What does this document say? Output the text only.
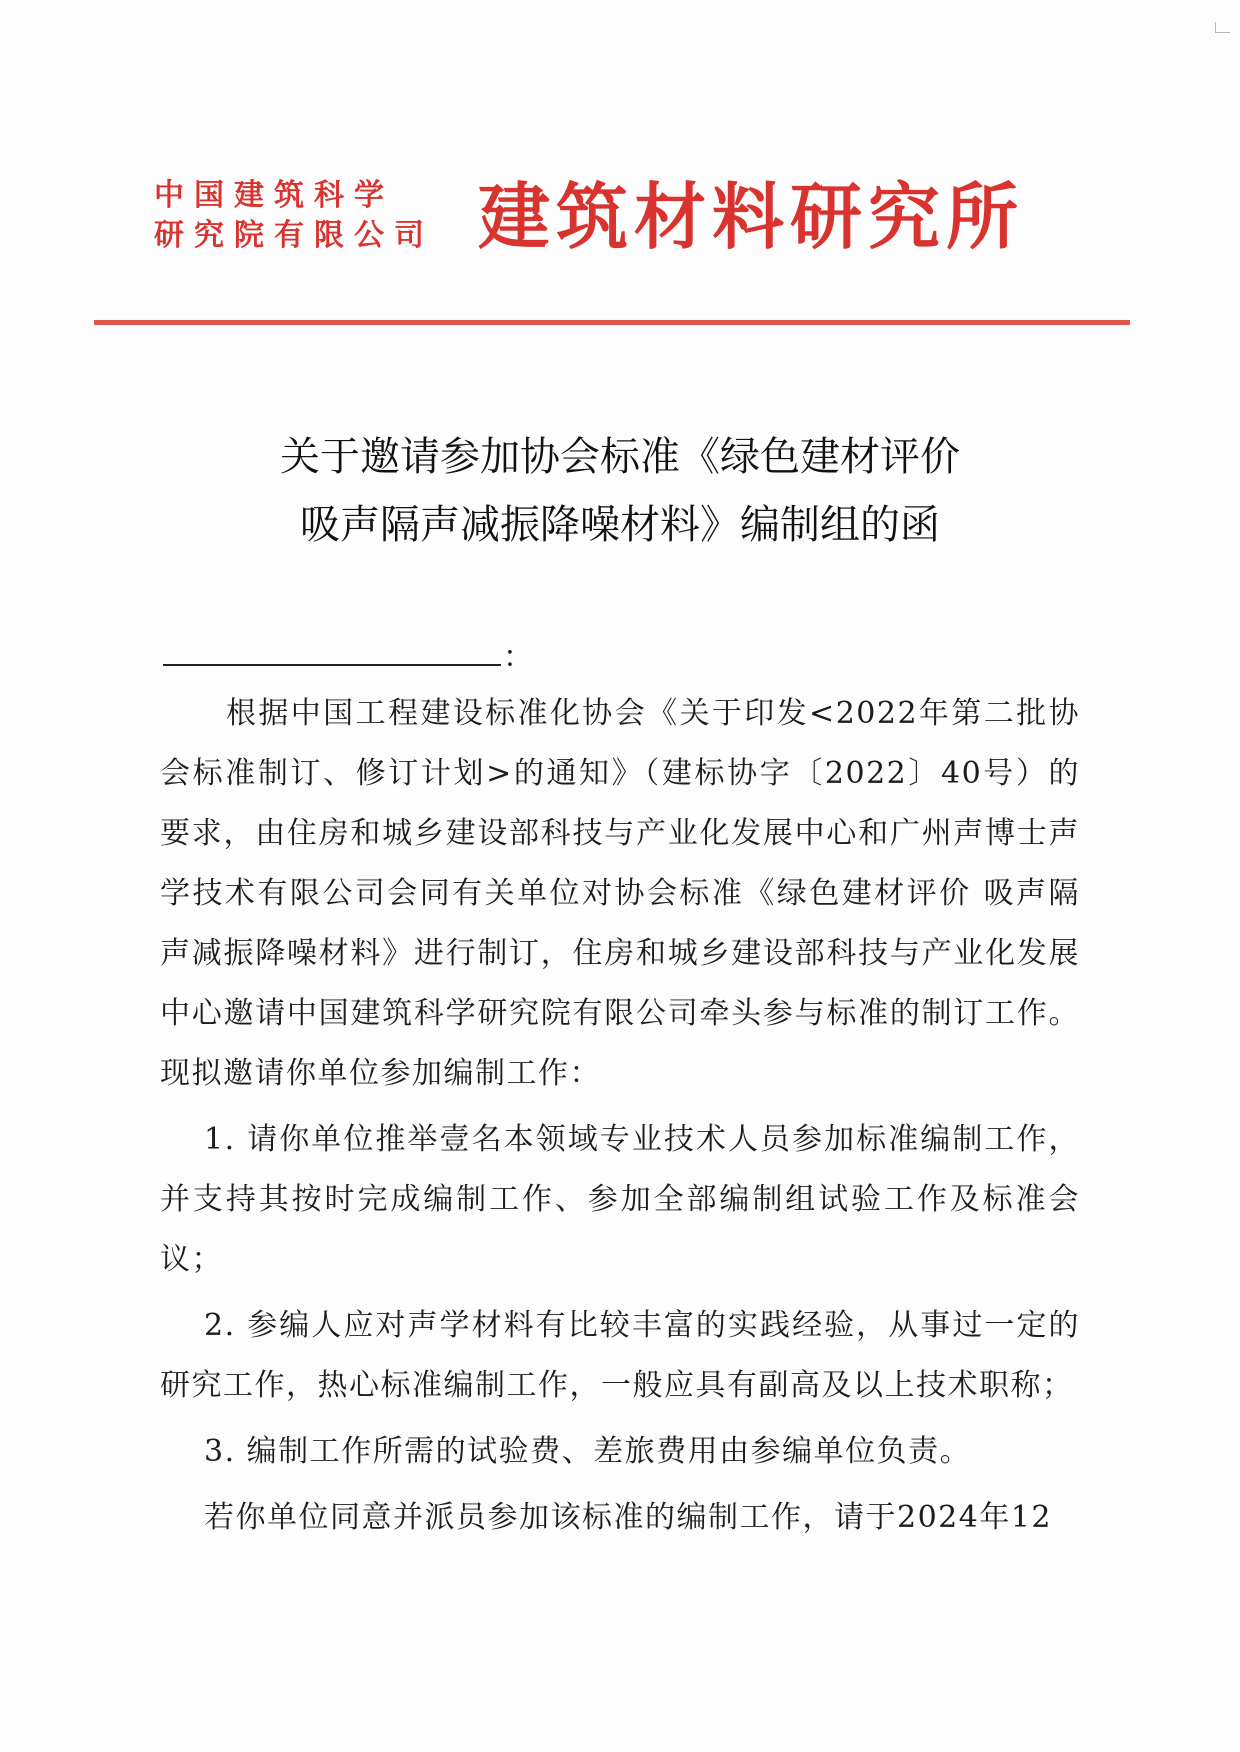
中国建筑科学
研究院有限公司 建筑材料研究所
关于邀请参加协会标准《绿色建材评价
吸声隔声减振降噪材料》编制组的函
：

根据中国工程建设标准化协会《关于印发<2022年第二批协会标准制订、修订计划>的通知》（建标协字〔2022〕40号）的要求，由住房和城乡建设部科技与产业化发展中心和广州声博士声学技术有限公司会同有关单位对协会标准《绿色建材评价 吸声隔声减振降噪材料》进行制订，住房和城乡建设部科技与产业化发展中心邀请中国建筑科学研究院有限公司牵头参与标准的制订工作。现拟邀请你单位参加编制工作：

1. 请你单位推举壹名本领域专业技术人员参加标准编制工作，并支持其按时完成编制工作、参加全部编制组试验工作及标准会议；

2. 参编人应对声学材料有比较丰富的实践经验，从事过一定的研究工作，热心标准编制工作，一般应具有副高及以上技术职称；

3. 编制工作所需的试验费、差旅费用由参编单位负责。

若你单位同意并派员参加该标准的编制工作，请于2024年12
